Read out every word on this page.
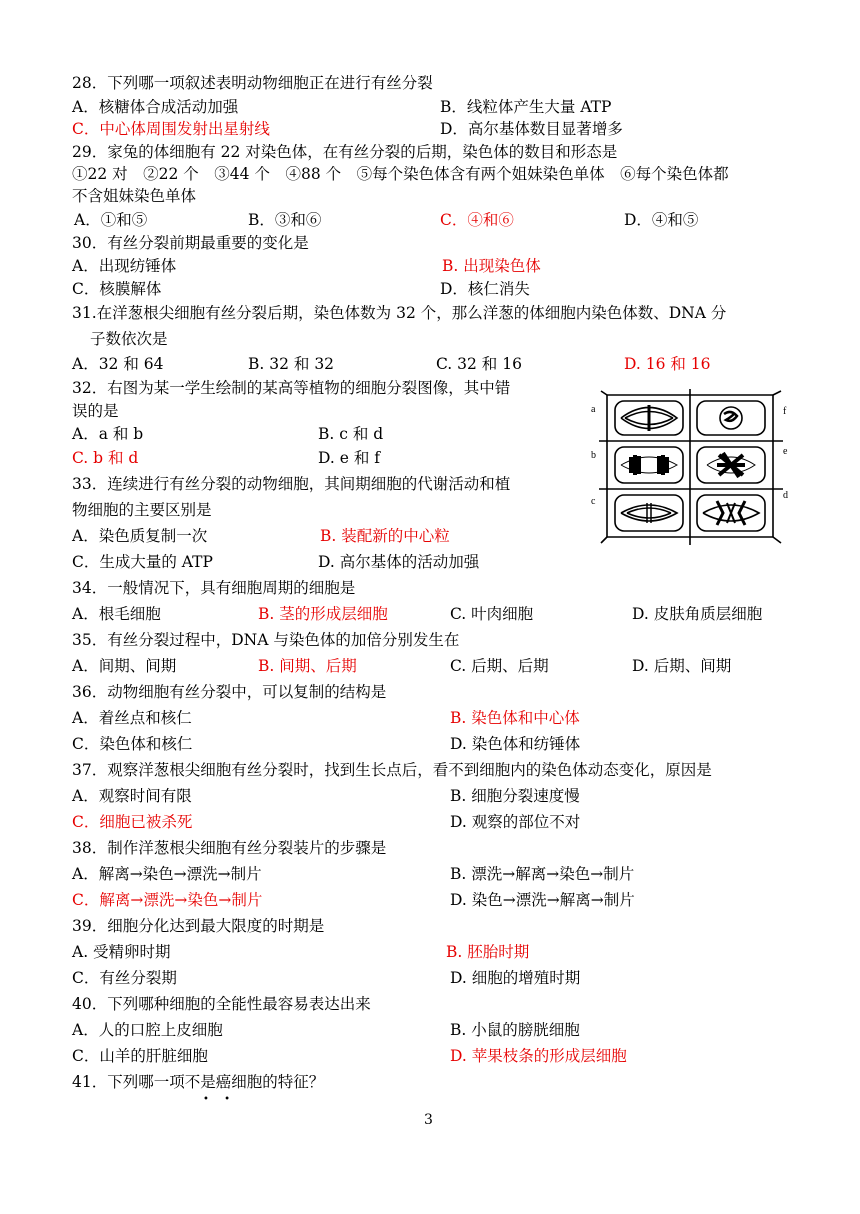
28．下列哪一项叙述表明动物细胞正在进行有丝分裂
A．核糖体合成活动加强	B．线粒体产生大量 ATP
C．中心体周围发射出星射线	D．高尔基体数目显著增多
29．家兔的体细胞有 22 对染色体，在有丝分裂的后期，染色体的数目和形态是
①22 对　②22 个　③44 个　④88 个　⑤每个染色体含有两个姐妹染色单体　⑥每个染色体都
不含姐妹染色单体
A．①和⑤	B．③和⑥	C．④和⑥	D．④和⑤
30．有丝分裂前期最重要的变化是
A．出现纺锤体	B. 出现染色体
C．核膜解体	D．核仁消失
31.在洋葱根尖细胞有丝分裂后期，染色体数为 32 个，那么洋葱的体细胞内染色体数、DNA 分
子数依次是
A．32 和 64	B. 32 和 32	C. 32 和 16	D. 16 和 16
32．右图为某一学生绘制的某高等植物的细胞分裂图像，其中错
误的是
A．a 和 b	B. c 和 d
C. b 和 d	D. e 和 f
a
b
c
d
e
f
33．连续进行有丝分裂的动物细胞，其间期细胞的代谢活动和植
物细胞的主要区别是
A．染色质复制一次	B. 装配新的中心粒
C．生成大量的 ATP	D. 高尔基体的活动加强
34．一般情况下，具有细胞周期的细胞是
A．根毛细胞	B. 茎的形成层细胞	C. 叶肉细胞	D. 皮肤角质层细胞
35．有丝分裂过程中，DNA 与染色体的加倍分别发生在
A．间期、间期	B. 间期、后期	C. 后期、后期	D. 后期、间期
36．动物细胞有丝分裂中，可以复制的结构是
A．着丝点和核仁	B. 染色体和中心体
C．染色体和核仁	D. 染色体和纺锤体
37．观察洋葱根尖细胞有丝分裂时，找到生长点后，看不到细胞内的染色体动态变化，原因是
A．观察时间有限	B. 细胞分裂速度慢
C．细胞已被杀死	D. 观察的部位不对
38．制作洋葱根尖细胞有丝分裂装片的步骤是
A．解离→染色→漂洗→制片	B. 漂洗→解离→染色→制片
C．解离→漂洗→染色→制片	D. 染色→漂洗→解离→制片
39．细胞分化达到最大限度的时期是
A. 受精卵时期	B. 胚胎时期
C．有丝分裂期	D. 细胞的增殖时期
40．下列哪种细胞的全能性最容易表达出来
A．人的口腔上皮细胞	B. 小鼠的膀胱细胞
C．山羊的肝脏细胞	D. 苹果枝条的形成层细胞
41．下列哪一项不是癌细胞的特征？
• •
3
